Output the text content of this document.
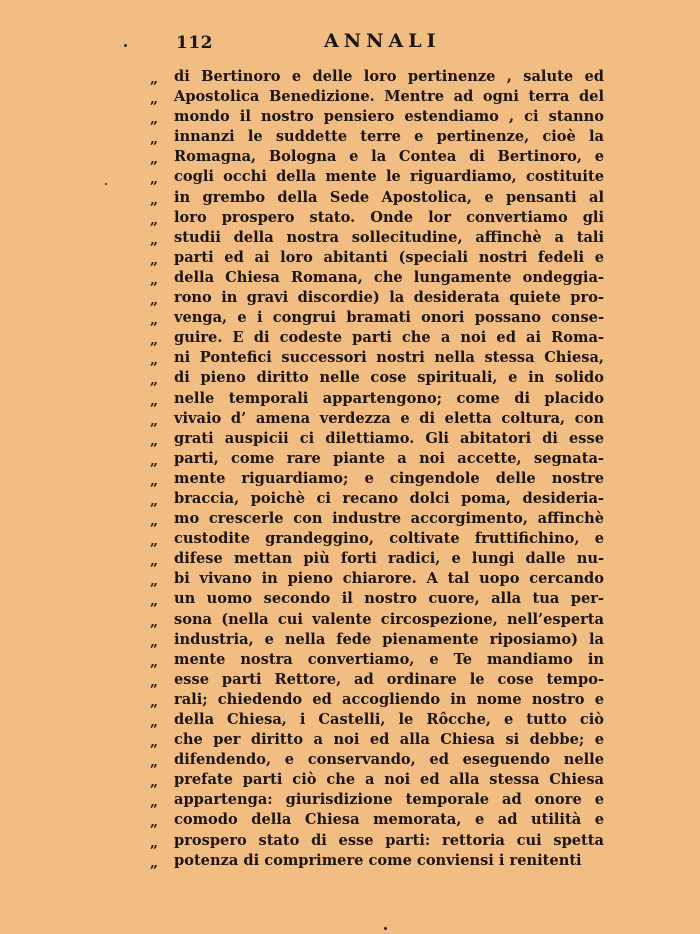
112	ANNALI
„ di Bertinoro e delle loro pertinenze , salute ed
„ Apostolica Benedizione. Mentre ad ogni terra del
„ mondo il nostro pensiero estendiamo , ci stanno
„ innanzi le suddette terre e pertinenze, cioè la
„ Romagna, Bologna e la Contea di Bertinoro, e
„ cogli occhi della mente le riguardiamo, costituite
„ in grembo della Sede Apostolica, e pensanti al
„ loro prospero stato. Onde lor convertiamo gli
„ studii della nostra sollecitudine, affinchè a tali
„ parti ed ai loro abitanti (speciali nostri fedeli e
„ della Chiesa Romana, che lungamente ondeggia-
„ rono in gravi discordie) la desiderata quiete pro-
„ venga, e i congrui bramati onori possano conse-
„ guire. E di codeste parti che a noi ed ai Roma-
„ ni Pontefici successori nostri nella stessa Chiesa,
„ di pieno diritto nelle cose spirituali, e in solido
„ nelle temporali appartengono; come di placido
„ vivaio d’ amena verdezza e di eletta coltura, con
„ grati auspicii ci dilettiamo. Gli abitatori di esse
„ parti, come rare piante a noi accette, segnata-
„ mente riguardiamo; e cingendole delle nostre
„ braccia, poichè ci recano dolci poma, desideria-
„ mo crescerle con industre accorgimento, affinchè
„ custodite grandeggino, coltivate fruttifichino, e
„ difese mettan più forti radici, e lungi dalle nu-
„ bi vivano in pieno chiarore. A tal uopo cercando
„ un uomo secondo il nostro cuore, alla tua per-
„ sona (nella cui valente circospezione, nell’esperta
„ industria, e nella fede pienamente riposiamo) la
„ mente nostra convertiamo, e Te mandiamo in
„ esse parti Rettore, ad ordinare le cose tempo-
„ rali; chiedendo ed accogliendo in nome nostro e
„ della Chiesa, i Castelli, le Rôcche, e tutto ciò
„ che per diritto a noi ed alla Chiesa si debbe; e
„ difendendo, e conservando, ed eseguendo nelle
„ prefate parti ciò che a noi ed alla stessa Chiesa
„ appartenga: giurisdizione temporale ad onore e
„ comodo della Chiesa memorata, e ad utilità e
„ prospero stato di esse parti: rettoria cui spetta
„ potenza di comprimere come conviensi i renitenti
